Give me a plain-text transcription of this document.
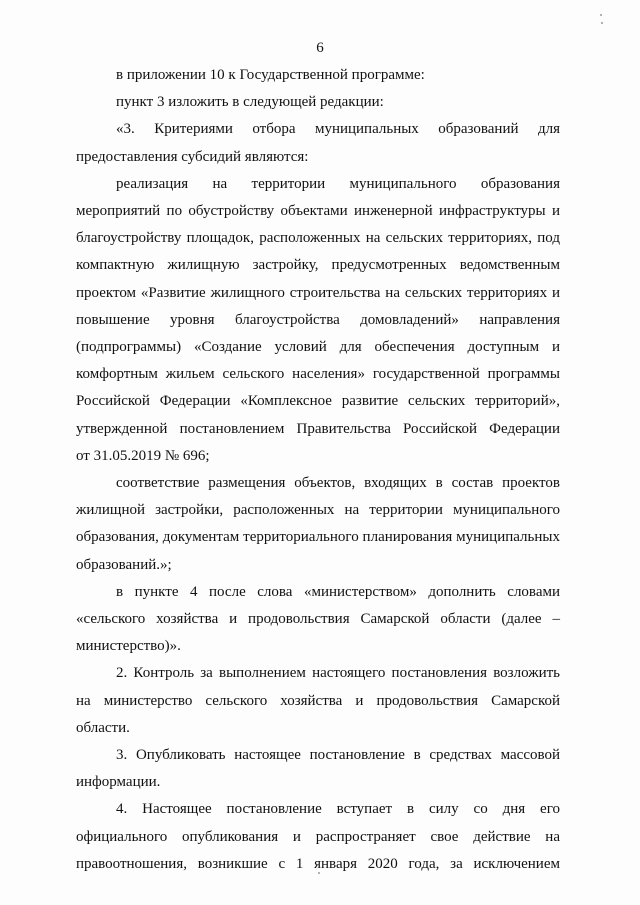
6
в приложении 10 к Государственной программе:
пункт 3 изложить в следующей редакции:
«3. Критериями отбора муниципальных образований для
предоставления субсидий являются:
реализация на территории муниципального образования
мероприятий по обустройству объектами инженерной инфраструктуры и
благоустройству площадок, расположенных на сельских территориях, под
компактную жилищную застройку, предусмотренных ведомственным
проектом «Развитие жилищного строительства на сельских территориях и
повышение уровня благоустройства домовладений» направления
(подпрограммы) «Создание условий для обеспечения доступным и
комфортным жильем сельского населения» государственной программы
Российской Федерации «Комплексное развитие сельских территорий»,
утвержденной постановлением Правительства Российской Федерации
от 31.05.2019 № 696;
соответствие размещения объектов, входящих в состав проектов
жилищной застройки, расположенных на территории муниципального
образования, документам территориального планирования муниципальных
образований.»;
в пункте 4 после слова «министерством» дополнить словами
«сельского хозяйства и продовольствия Самарской области (далее –
министерство)».
2. Контроль за выполнением настоящего постановления возложить
на министерство сельского хозяйства и продовольствия Самарской
области.
3. Опубликовать настоящее постановление в средствах массовой
информации.
4. Настоящее постановление вступает в силу со дня его
официального опубликования и распространяет свое действие на
правоотношения, возникшие с 1 января 2020 года, за исключением
